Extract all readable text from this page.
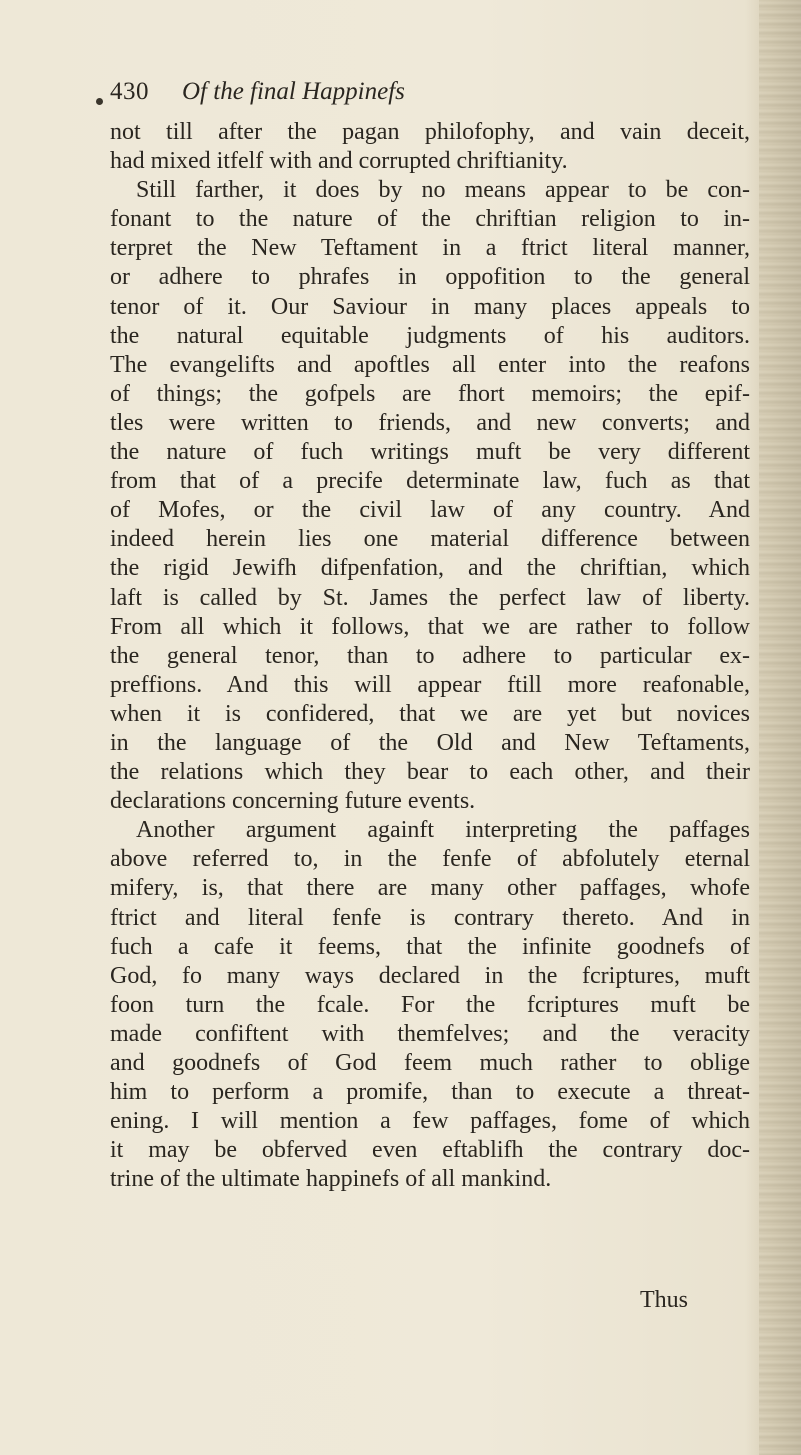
430 Of the final Happinefs
not till after the pagan philofophy, and vain deceit,
had mixed itfelf with and corrupted chriftianity.
Still farther, it does by no means appear to be con-
fonant to the nature of the chriftian religion to in-
terpret the New Teftament in a ftrict literal manner,
or adhere to phrafes in oppofition to the general
tenor of it. Our Saviour in many places appeals to
the natural equitable judgments of his auditors.
The evangelifts and apoftles all enter into the reafons
of things; the gofpels are fhort memoirs; the epif-
tles were written to friends, and new converts; and
the nature of fuch writings muft be very different
from that of a precife determinate law, fuch as that
of Mofes, or the civil law of any country. And
indeed herein lies one material difference between
the rigid Jewifh difpenfation, and the chriftian, which
laft is called by St. James the perfect law of liberty.
From all which it follows, that we are rather to follow
the general tenor, than to adhere to particular ex-
preffions. And this will appear ftill more reafonable,
when it is confidered, that we are yet but novices
in the language of the Old and New Teftaments,
the relations which they bear to each other, and their
declarations concerning future events.
Another argument againft interpreting the paffages
above referred to, in the fenfe of abfolutely eternal
mifery, is, that there are many other paffages, whofe
ftrict and literal fenfe is contrary thereto. And in
fuch a cafe it feems, that the infinite goodnefs of
God, fo many ways declared in the fcriptures, muft
foon turn the fcale. For the fcriptures muft be
made confiftent with themfelves; and the veracity
and goodnefs of God feem much rather to oblige
him to perform a promife, than to execute a threat-
ening. I will mention a few paffages, fome of which
it may be obferved even eftablifh the contrary doc-
trine of the ultimate happinefs of all mankind.
Thus
